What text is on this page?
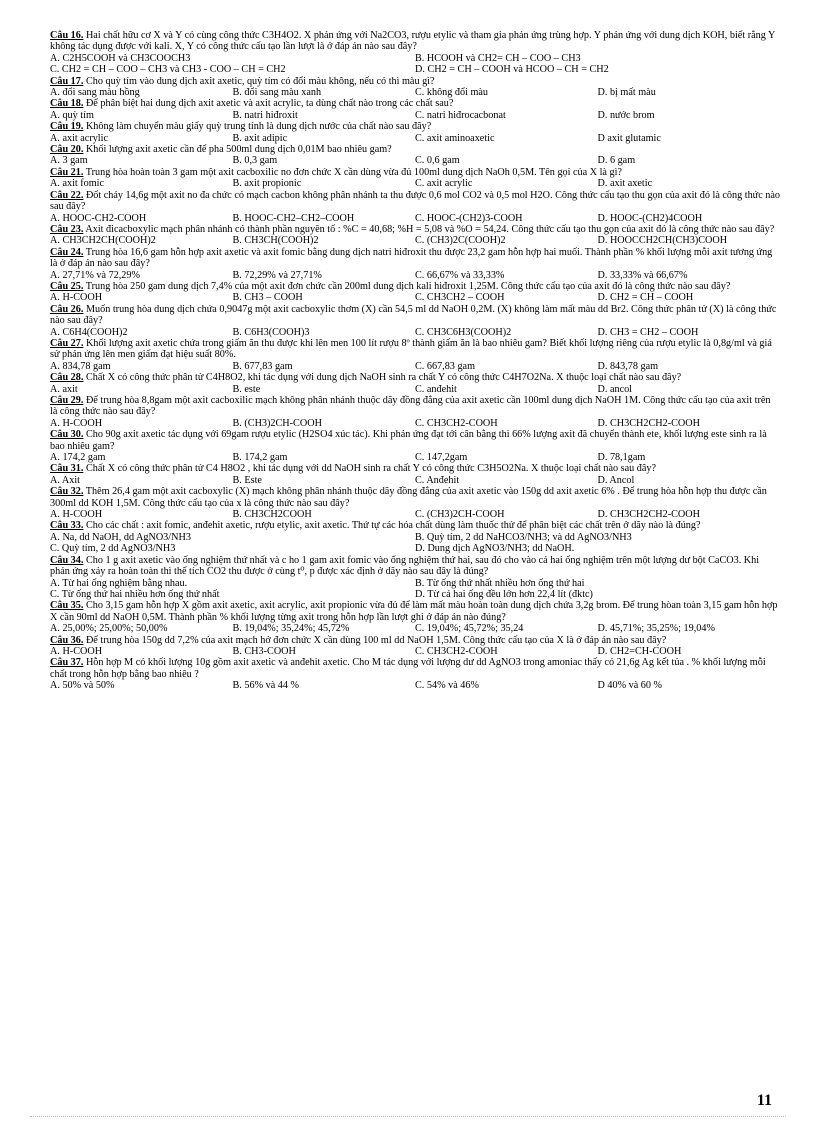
Câu 16. Hai chất hữu cơ X và Y có cùng công thức C3H4O2. X phản ứng với Na2CO3, rượu etylic và tham gia phản ứng trùng hợp. Y phản ứng với dung dịch KOH, biết rằng Y không tác dụng được với kali. X, Y có công thức cấu tạo lần lượt là ở đáp án nào sau đây?

A. C2H5COOH và CH3COOCH3	B. HCOOH và CH2= CH – COO – CH3
C. CH2 = CH – COO – CH3 và CH3 - COO – CH = CH2	D. CH2 = CH – COOH và HCOO – CH = CH2

Câu 17. Cho quỳ tím vào dung dịch axit axetic, quỳ tím có đổi màu không, nếu có thì màu gì?

A. đổi sang màu hồng	B. đổi sang màu xanh	C. không đổi màu	D. bị mất màu

Câu 18. Để phân biệt hai dung dịch axit axetic và axit acrylic, ta dùng chất nào trong các chất sau?

A. quỳ tím	B. natri hiđroxit	C. natri hiđrocacbonat	D. nước brom

Câu 19. Không làm chuyển màu giấy quỳ trung tính là dung dịch nước của chất nào sau đây?

A. axit acrylic	B. axit adipic	C. axit aminoaxetic	D axit glutamic

Câu 20. Khối lượng axit axetic cần để pha 500ml dung dịch 0,01M bao nhiêu gam?

A. 3 gam	B. 0,3 gam	C. 0,6 gam	D. 6 gam

Câu 21. Trung hòa hoàn toàn 3 gam một axit cacboxilic no đơn chức X cần dùng vừa đủ 100ml dung dịch NaOh 0,5M. Tên gọi của X là gì?

A. axit fomic	B. axit propionic	C. axit acrylic	D. axit axetic

Câu 22. Đốt cháy 14,6g một axit no đa chức có mạch cacbon không phân nhánh ta thu được 0,6 mol CO2 và 0,5 mol H2O. Công thức cấu tạo thu gọn của axit đó là công thức nào sau đây?

A. HOOC-CH2-COOH	B. HOOC-CH2–CH2–COOH	C. HOOC-(CH2)3-COOH	D. HOOC-(CH2)4COOH

Câu 23. Axit đicacboxylic mạch phân nhánh có thành phần nguyên tố : %C = 40,68; %H = 5,08 và %O = 54,24. Công thức cấu tạo thu gọn của axit đó là công thức nào sau đây?

A. CH3CH2CH(COOH)2	B. CH3CH(COOH)2	C. (CH3)2C(COOH)2	D. HOOCCH2CH(CH3)COOH

Câu 24. Trung hòa 16,6 gam hỗn hợp axit axetic và axit fomic bằng dung dịch natri hiđroxit thu được 23,2 gam hỗn hợp hai muối. Thành phần % khối lượng mỗi axit tương ứng là ở đáp án nào sau đây?

A. 27,71% và 72,29%	B. 72,29% và 27,71%	C. 66,67% và 33,33%	D. 33,33% và 66,67%

Câu 25. Trung hòa 250 gam dung dịch 7,4% của một axit đơn chức cần 200ml dung dịch kali hiđroxit 1,25M. Công thức cấu tạo của axit đó là công thức nào sau đây?

A. H-COOH	B. CH3 – COOH	C. CH3CH2 – COOH	D. CH2 = CH – COOH

Câu 26. Muốn trung hòa dung dịch chứa 0,9047g một axit cacboxylic thơm (X) cần 54,5 ml dd NaOH 0,2M. (X) không làm mất màu dd Br2. Công thức phân tử (X) là công thức nào sau đây?

A. C6H4(COOH)2	B. C6H3(COOH)3	C. CH3C6H3(COOH)2	D. CH3 = CH2 – COOH

Câu 27. Khối lượng axit axetic chứa trong giấm ăn thu được khi lên men 100 lít rượu 8º thành giấm ăn là bao nhiêu gam? Biết khối lượng riêng của rượu etylic là 0,8g/ml và giả sử phản ứng lên men giấm đạt hiệu suất 80%.

A. 834,78 gam	B. 677,83 gam	C. 667,83 gam	D. 843,78 gam

Câu 28. Chất X có công thức phân tử C4H8O2, khi tác dụng với dung dịch NaOH sinh ra chất Y có công thức C4H7O2Na. X thuộc loại chất nào sau đây?

A. axit	B. este	C. anđehit	D. ancol

Câu 29. Để trung hòa 8,8gam một axit cacboxilic mạch không phân nhánh thuộc dãy đồng đẳng của axit axetic cần 100ml dung dịch NaOH 1M. Công thức cấu tạo của axit trên là công thức nào sau đây?

A. H-COOH	B. (CH3)2CH-COOH	C. CH3CH2-COOH	D. CH3CH2CH2-COOH

Câu 30. Cho 90g axit axetic tác dụng với 69gam rượu etylic (H2SO4 xúc tác). Khi phản ứng đạt tới cân bằng thì 66% lượng axit đã chuyển thành ete, khối lượng este sinh ra là bao nhiêu gam?

A. 174,2 gam	B. 174,2 gam	C. 147,2gam	D. 78,1gam

Câu 31. Chất X có công thức phân tử C4 H8O2 , khi tác dụng với dd NaOH sinh ra chất Y có công thức C3H5O2Na. X thuộc loại chất nào sau đây?

A. Axit	B. Este	C. Anđehit	D. Ancol

Câu 32. Thêm 26,4 gam một axit cacboxylic (X) mạch không phân nhánh thuộc dãy đồng đẳng của axit axetic vào 150g dd axit axetic 6% . Để trung hòa hỗn hợp thu được cần 300ml dd KOH 1,5M. Công thức cấu tạo của x là công thức nào sau đây?

A. H-COOH	B. CH3CH2COOH	C. (CH3)2CH-COOH	D. CH3CH2CH2-COOH

Câu 33. Cho các chất : axit fomic, anđehit axetic, rượu etylic, axit axetic. Thứ tự các hóa chất dùng làm thuốc thử để phân biệt các chất trên ở dãy nào là đúng?

A. Na, dd NaOH, dd AgNO3/NH3	B. Quỳ tím, 2 dd NaHCO3/NH3; và dd AgNO3/NH3
C. Quỳ tím, 2 dd AgNO3/NH3	D. Dung dịch AgNO3/NH3; dd NaOH.

Câu 34. Cho 1 g axit axetic vào ống nghiệm thứ nhất và c ho 1 gam axit fomic vào ống nghiệm thứ hai, sau đó cho vào cả hai ống nghiệm trên một lượng dư bột CaCO3. Khi phản ứng xảy ra hoàn toàn thì thể tích CO2 thu được ở cùng t⁰, p được xác định ở dãy nào sau đây là đúng?

A. Từ hai ống nghiệm bằng nhau.	B. Từ ống thứ nhất nhiều hơn ống thứ hai
C. Từ ống thứ hai nhiều hơn ống thứ nhất	D. Từ cả hai ống đều lớn hơn 22,4 lít (đktc)

Câu 35. Cho 3,15 gam hỗn hợp X gồm axit axetic, axit acrylic, axit propionic vừa đủ để làm mất màu hoàn toàn dung dịch chứa 3,2g brom. Để trung hòan toàn 3,15 gam hỗn hợp X cần 90ml dd NaOH 0,5M. Thành phần % khối lượng từng axit trong hỗn hợp lần lượt ghi ở đáp án nào đúng?

A. 25,00%; 25,00%; 50,00%	B. 19,04%; 35,24%; 45,72%	C. 19,04%; 45,72%; 35,24	D. 45,71%; 35,25%; 19,04%

Câu 36. Để trung hòa 150g dd 7,2% của axit mạch hở đơn chức X cần dùng 100 ml dd NaOH 1,5M. Công thức cấu tạo của X là ở đáp án nào sau đây?

A. H-COOH	B. CH3-COOH	C. CH3CH2-COOH	D. CH2=CH-COOH

Câu 37. Hỗn hợp M có khối lượng 10g gồm axit axetic và anđehit axetic. Cho M tác dụng với lượng dư dd AgNO3 trong amoniac thấy có 21,6g Ag kết tủa . % khối lượng mỗi chất trong hỗn hợp bằng bao nhiêu ?

A. 50% và 50%	B. 56% và 44 %	C. 54% và 46%	D 40% và 60 %
11
